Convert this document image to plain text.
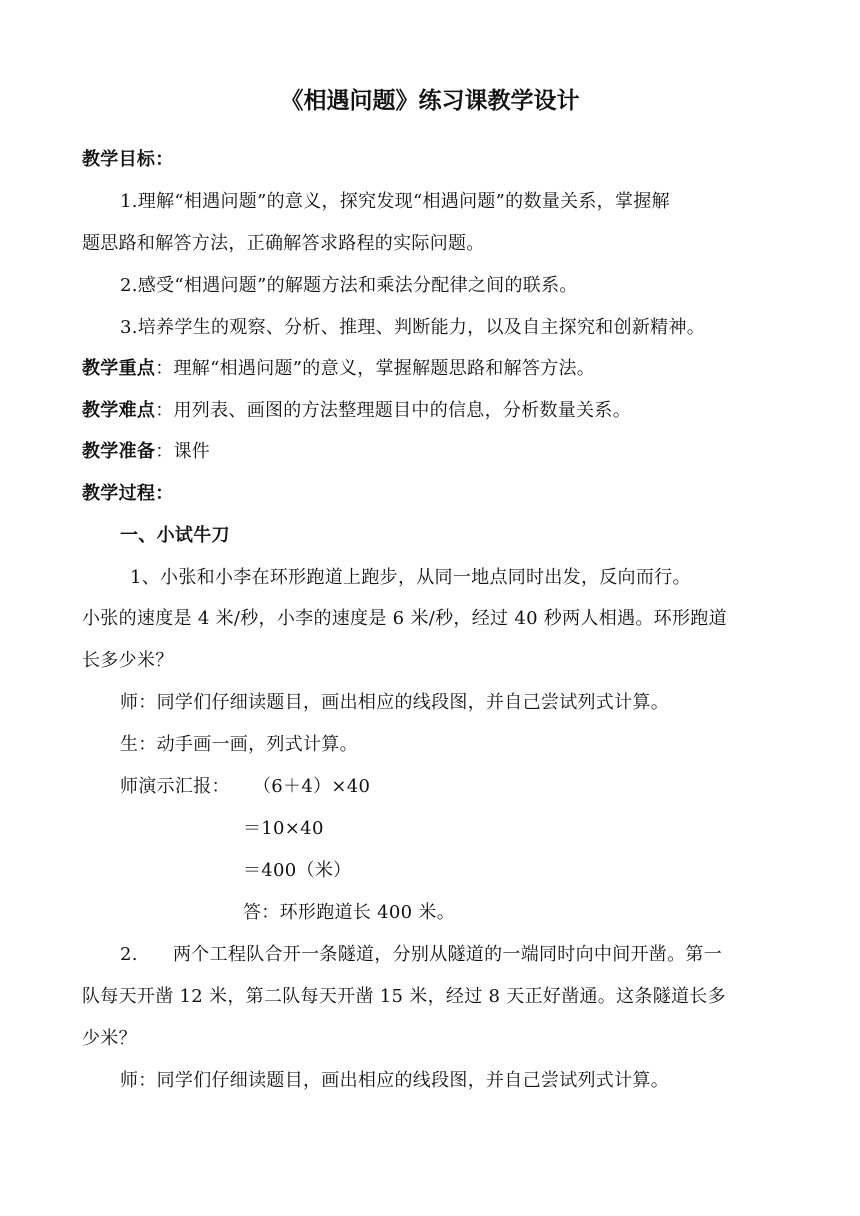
《相遇问题》练习课教学设计
教学目标：
1.理解“相遇问题”的意义，探究发现“相遇问题”的数量关系，掌握解
题思路和解答方法，正确解答求路程的实际问题。
2.感受“相遇问题”的解题方法和乘法分配律之间的联系。
3.培养学生的观察、分析、推理、判断能力，以及自主探究和创新精神。
教学重点：理解“相遇问题”的意义，掌握解题思路和解答方法。
教学难点：用列表、画图的方法整理题目中的信息，分析数量关系。
教学准备：课件
教学过程：
一、小试牛刀
1、小张和小李在环形跑道上跑步，从同一地点同时出发，反向而行。
小张的速度是 4 米/秒，小李的速度是 6 米/秒，经过 40 秒两人相遇。环形跑道
长多少米？
师：同学们仔细读题目，画出相应的线段图，并自己尝试列式计算。
生：动手画一画，列式计算。
师演示汇报： （6＋4）×40
＝10×40
＝400（米）
答：环形跑道长 400 米。
2. 两个工程队合开一条隧道，分别从隧道的一端同时向中间开凿。第一
队每天开凿 12 米，第二队每天开凿 15 米，经过 8 天正好凿通。这条隧道长多
少米？
师：同学们仔细读题目，画出相应的线段图，并自己尝试列式计算。
